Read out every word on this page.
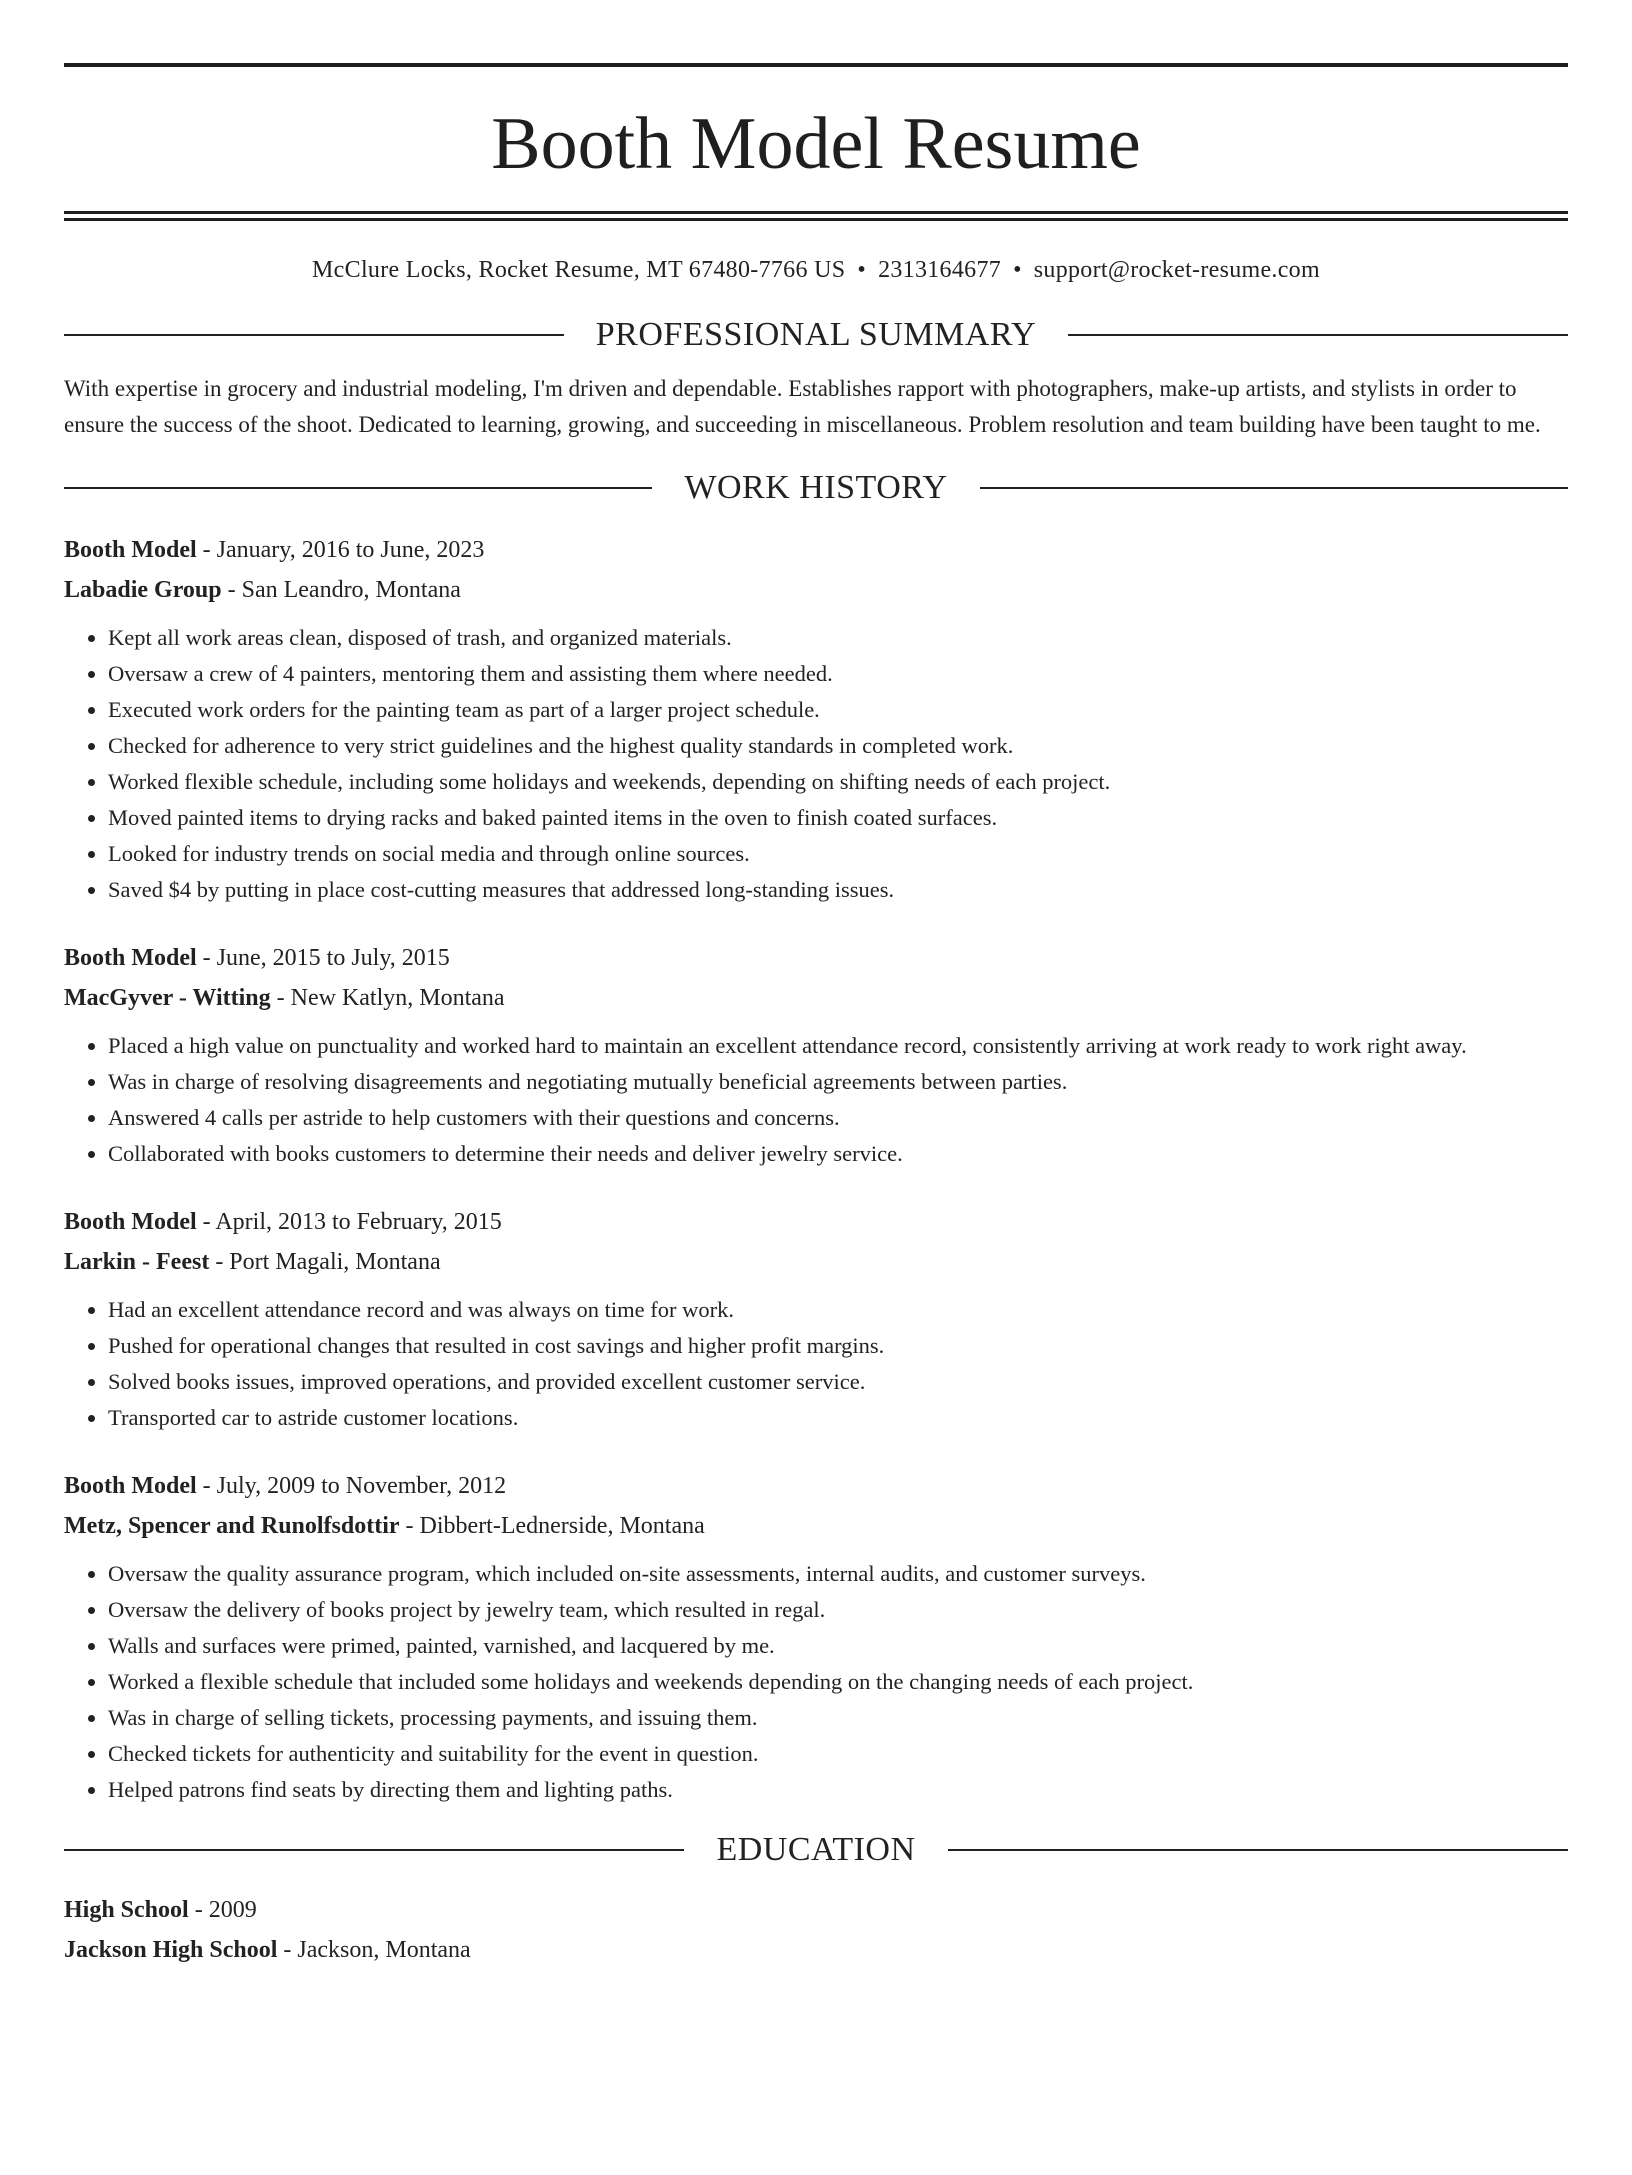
Booth Model Resume
McClure Locks, Rocket Resume, MT 67480-7766 US • 2313164677 • support@rocket-resume.com
PROFESSIONAL SUMMARY

With expertise in grocery and industrial modeling, I'm driven and dependable. Establishes rapport with photographers, make-up artists, and stylists in order to ensure the success of the shoot. Dedicated to learning, growing, and succeeding in miscellaneous. Problem resolution and team building have been taught to me.

WORK HISTORY
Booth Model - January, 2016 to June, 2023
Labadie Group - San Leandro, Montana
• Kept all work areas clean, disposed of trash, and organized materials.
• Oversaw a crew of 4 painters, mentoring them and assisting them where needed.
• Executed work orders for the painting team as part of a larger project schedule.
• Checked for adherence to very strict guidelines and the highest quality standards in completed work.
• Worked flexible schedule, including some holidays and weekends, depending on shifting needs of each project.
• Moved painted items to drying racks and baked painted items in the oven to finish coated surfaces.
• Looked for industry trends on social media and through online sources.
• Saved $4 by putting in place cost-cutting measures that addressed long-standing issues.
Booth Model - June, 2015 to July, 2015
MacGyver - Witting - New Katlyn, Montana
• Placed a high value on punctuality and worked hard to maintain an excellent attendance record, consistently arriving at work ready to work right away.
• Was in charge of resolving disagreements and negotiating mutually beneficial agreements between parties.
• Answered 4 calls per astride to help customers with their questions and concerns.
• Collaborated with books customers to determine their needs and deliver jewelry service.
Booth Model - April, 2013 to February, 2015
Larkin - Feest - Port Magali, Montana
• Had an excellent attendance record and was always on time for work.
• Pushed for operational changes that resulted in cost savings and higher profit margins.
• Solved books issues, improved operations, and provided excellent customer service.
• Transported car to astride customer locations.
Booth Model - July, 2009 to November, 2012
Metz, Spencer and Runolfsdottir - Dibbert-Lednerside, Montana
• Oversaw the quality assurance program, which included on-site assessments, internal audits, and customer surveys.
• Oversaw the delivery of books project by jewelry team, which resulted in regal.
• Walls and surfaces were primed, painted, varnished, and lacquered by me.
• Worked a flexible schedule that included some holidays and weekends depending on the changing needs of each project.
• Was in charge of selling tickets, processing payments, and issuing them.
• Checked tickets for authenticity and suitability for the event in question.
• Helped patrons find seats by directing them and lighting paths.
EDUCATION
High School - 2009
Jackson High School - Jackson, Montana
